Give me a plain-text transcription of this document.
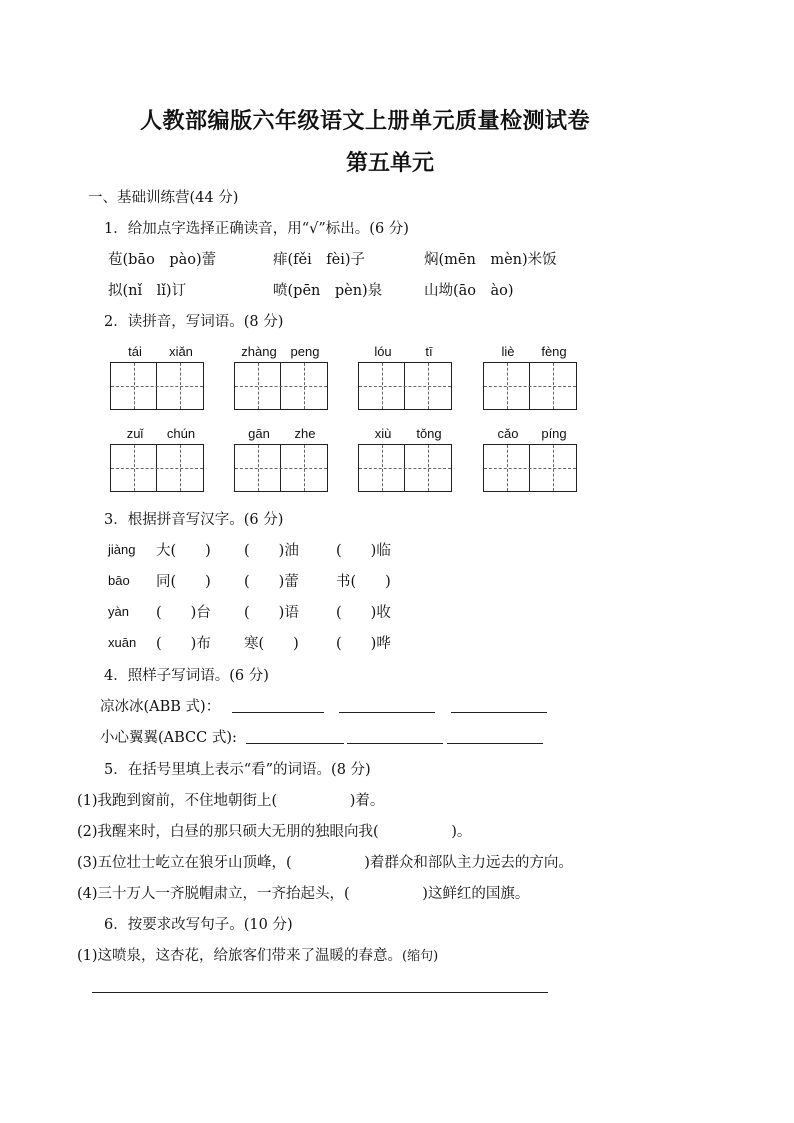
人教部编版六年级语文上册单元质量检测试卷
第五单元
一、基础训练营(44 分)
1．给加点字选择正确读音，用“√”标出。(6 分)
苞(bāo　pào)蕾	痱(fěi　fèi)子	焖(mēn　mèn)米饭
拟(nǐ　lǐ)订	喷(pēn　pèn)泉	山坳(āo　ào)
2．读拼音，写词语。(8 分)
tái	xiǎn	zhàng	peng	lóu	tī	liè	fèng
zuǐ	chún	gān	zhe	xiù	tǒng	cǎo	píng
3．根据拼音写汉字。(6 分)
jiàng 大(　　) (　　)油	(　　)临
bāo 同(　　) (　　)蕾	书(　　)
yàn (　　)台 (　　)语	(　　)收
xuān (　　)布 寒(　　)	(　　)哗
4．照样子写词语。(6 分)
凉冰冰(ABB 式)：
小心翼翼(ABCC 式):
5．在括号里填上表示“看”的词语。(8 分)
(1)我跑到窗前，不住地朝街上(　　　　　)着。
(2)我醒来时，白昼的那只硕大无朋的独眼向我(　　　　　)。
(3)五位壮士屹立在狼牙山顶峰，(　　　　　)着群众和部队主力远去的方向。
(4)三十万人一齐脱帽肃立，一齐抬起头，(　　　　　)这鲜红的国旗。
6．按要求改写句子。(10 分)
(1)这喷泉，这杏花，给旅客们带来了温暖的春意。(缩句)
